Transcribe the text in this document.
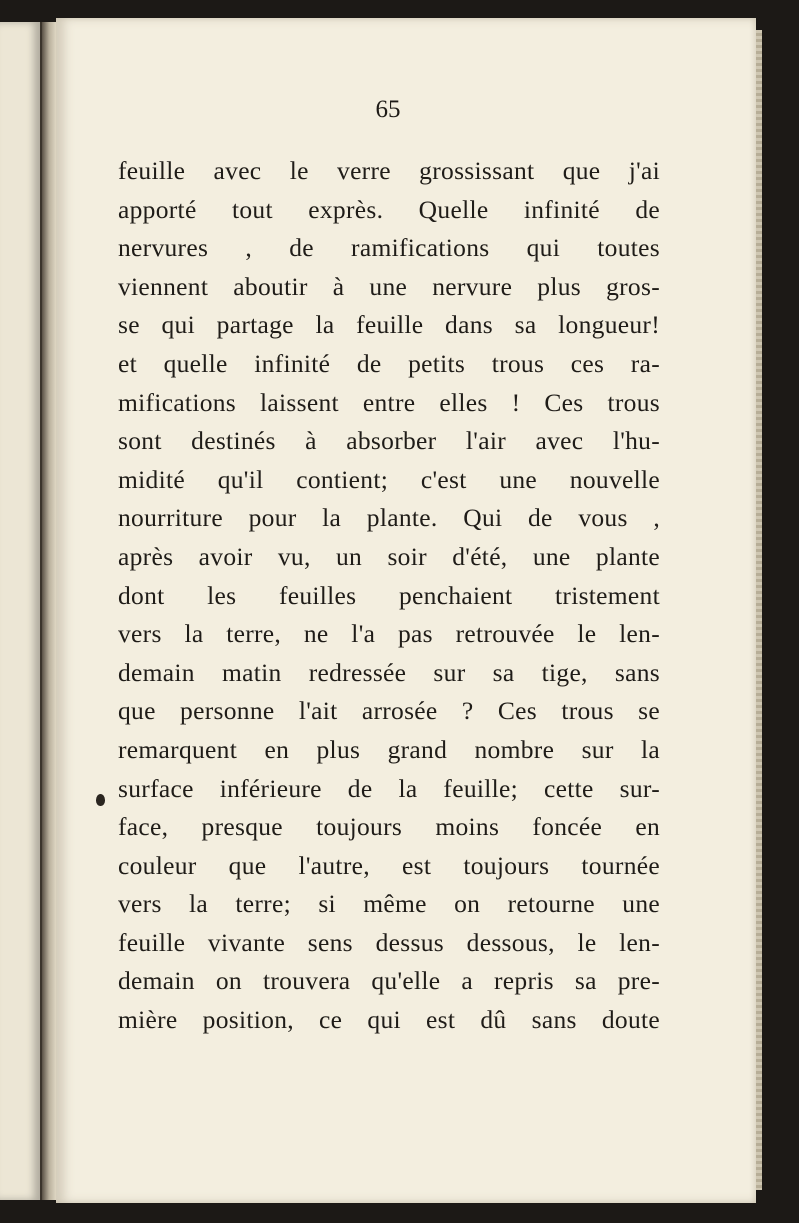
65
feuille avec le verre grossissant que j'ai
apporté tout exprès. Quelle infinité de
nervures , de ramifications qui toutes
viennent aboutir à une nervure plus gros-
se qui partage la feuille dans sa longueur!
et quelle infinité de petits trous ces ra-
mifications laissent entre elles ! Ces trous
sont destinés à absorber l'air avec l'hu-
midité qu'il contient; c'est une nouvelle
nourriture pour la plante. Qui de vous ,
après avoir vu, un soir d'été, une plante
dont les feuilles penchaient tristement
vers la terre, ne l'a pas retrouvée le len-
demain matin redressée sur sa tige, sans
que personne l'ait arrosée ? Ces trous se
remarquent en plus grand nombre sur la
surface inférieure de la feuille; cette sur-
face, presque toujours moins foncée en
couleur que l'autre, est toujours tournée
vers la terre; si même on retourne une
feuille vivante sens dessus dessous, le len-
demain on trouvera qu'elle a repris sa pre-
mière position, ce qui est dû sans doute
